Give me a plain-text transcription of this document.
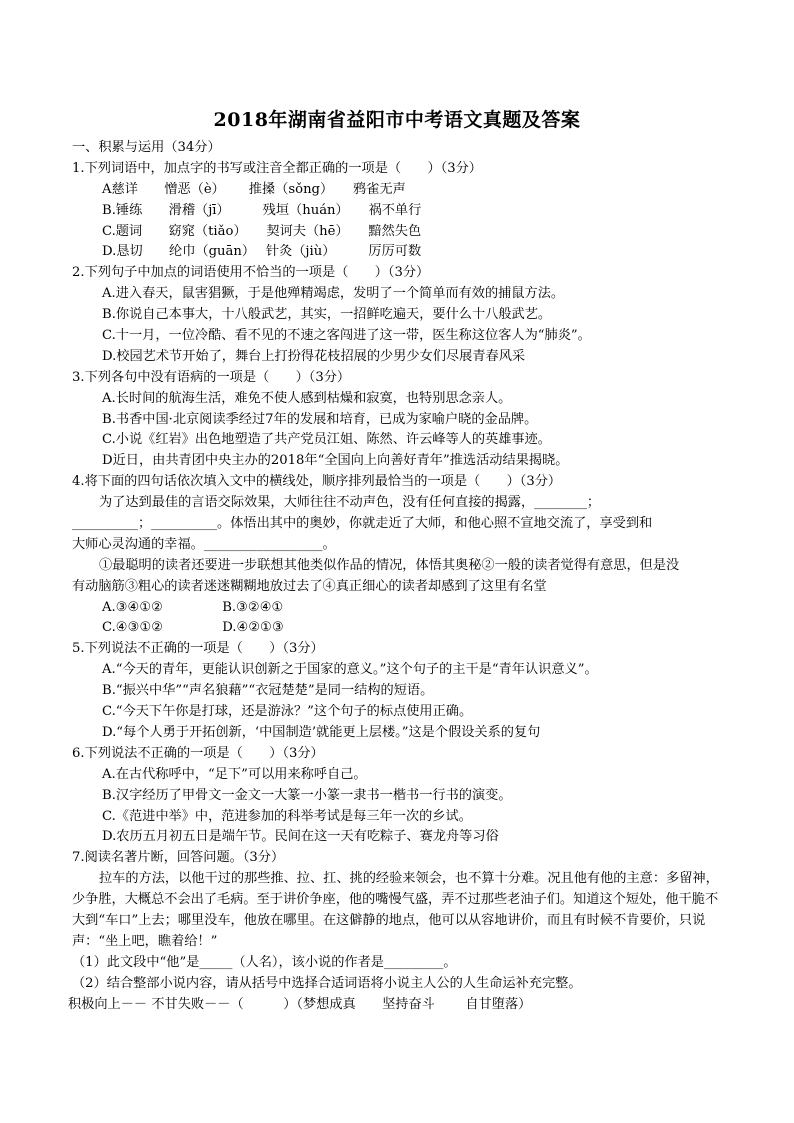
2018年湖南省益阳市中考语文真题及答案
一、积累与运用（34分）
1.下列词语中，加点字的书写或注音全都正确的一项是（　　）（3分）
A慈详　　憎恶（è）　　 推搡（sǒng）　　鸦雀无声
B.锤练　　滑稽（jī）　　　残垣（huán）　　祸不单行
C.题词　　窈窕（tiǎo）　　契诃夫（hē）　　黯然失色
D.恳切　　纶巾（guān）　 针灸（jiù）　　　厉厉可数
2.下列句子中加点的词语使用不恰当的一项是（　　）（3分）
A.进入春天，鼠害猖獗，于是他殚精竭虑，发明了一个简单而有效的捕鼠方法。
B.你说自己本事大，十八般武艺，其实，一招鲜吃遍天，要什么十八般武艺。
C.十一月，一位冷酷、看不见的不速之客闯进了这一带，医生称这位客人为“肺炎”。
D.校园艺术节开始了，舞台上打扮得花枝招展的少男少女们尽展青春风采
3.下列各句中没有语病的一项是（　　）（3分）
A.长时间的航海生活，难免不使人感到枯燥和寂寞，也特别思念亲人。
B.书香中国·北京阅读季经过7年的发展和培育，已成为家喻户晓的金品牌。
C.小说《红岩》出色地塑造了共产党员江姐、陈然、许云峰等人的英雄事迹。
D近日，由共青团中央主办的2018年“全国向上向善好青年”推选活动结果揭晓。
4.将下面的四句话依次填入文中的横线处，顺序排列最恰当的一项是（　　）（3分）
为了达到最佳的言语交际效果，大师往往不动声色，没有任何直接的揭露，________；
__________；__________。体悟出其中的奥妙，你就走近了大师，和他心照不宣地交流了，享受到和
大师心灵沟通的幸福。__________________。
①最聪明的读者还要进一步联想其他类似作品的情况，体悟其奥秘②一般的读者觉得有意思，但是没
有动脑筋③粗心的读者迷迷糊糊地放过去了④真正细心的读者却感到了这里有名堂
A.③④①②	B.③②④①
C.④③①②	D.④②①③
5.下列说法不正确的一项是（　　）（3分）
A.“今天的青年，更能认识创新之于国家的意义。”这个句子的主干是“青年认识意义”。
B.“振兴中华”“声名狼藉”“衣冠楚楚”是同一结构的短语。
C.“今天下午你是打球，还是游泳？”这个句子的标点使用正确。
D.“每个人勇于开拓创新，‘中国制造’就能更上层楼。”这是个假设关系的复句
6.下列说法不正确的一项是（　　）（3分）
A.在古代称呼中，“足下”可以用来称呼自己。
B.汉字经历了甲骨文一金文一大篆一小篆一隶书一楷书一行书的演变。
C.《范进中举》中，范进参加的科举考试是每三年一次的乡试。
D.农历五月初五日是端午节。民间在这一天有吃粽子、赛龙舟等习俗
7.阅读名著片断，回答问题。（3分）
拉车的方法，以他干过的那些推、拉、扛、挑的经验来领会，也不算十分难。况且他有他的主意：多留神，少争胜，大概总不会出了毛病。至于讲价争座，他的嘴慢气盛，弄不过那些老油子们。知道这个短处，他干脆不大到“车口”上去；哪里没车，他放在哪里。在这僻静的地点，他可以从容地讲价，而且有时候不肯要价，只说声：“坐上吧，瞧着给！”
（1）此文段中“他”是_____（人名），该小说的作者是_________。
（2）结合整部小说内容，请从括号中选择合适词语将小说主人公的人生命运补充完整。
积极向上－－ 不甘失败－－（　　　）（梦想成真　　坚持奋斗　　 自甘堕落）
